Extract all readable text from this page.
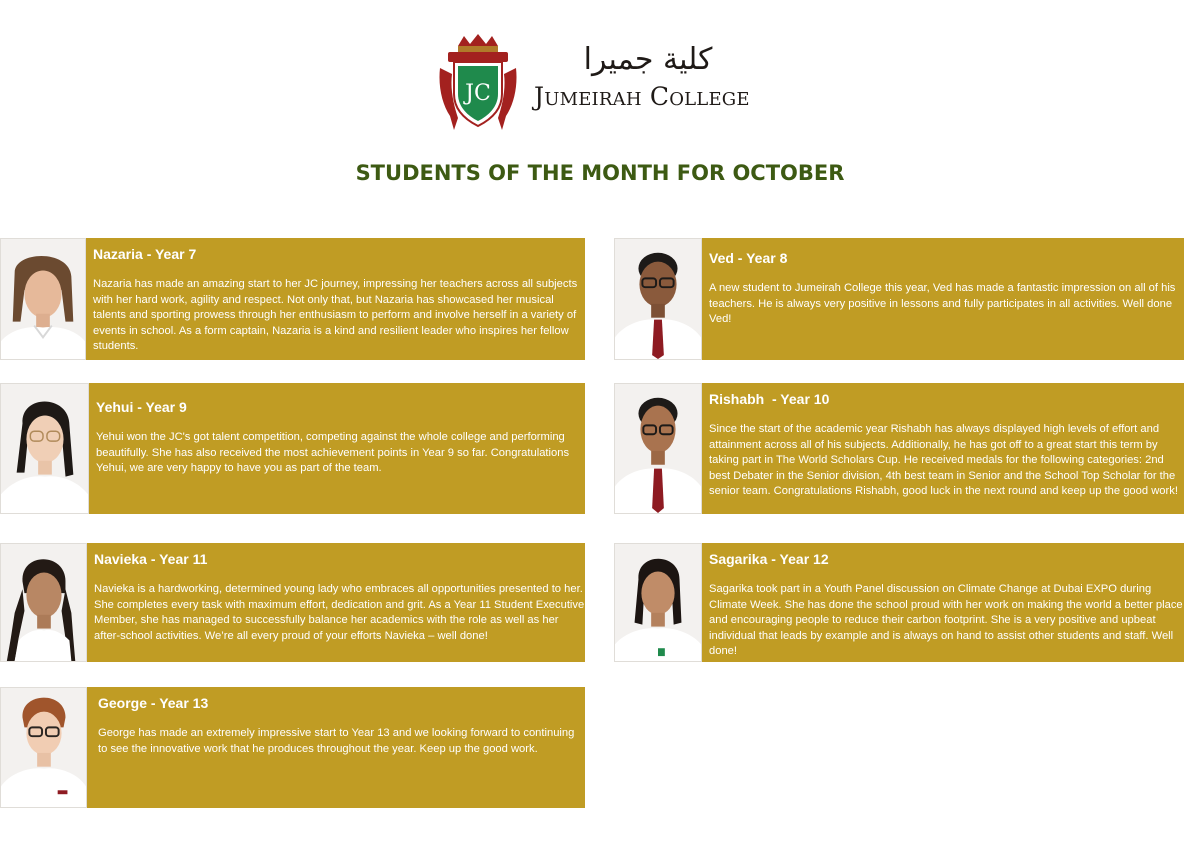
JC
كلية جميرا
Jumeirah College
STUDENTS OF THE MONTH FOR OCTOBER

Nazaria - Year 7

Nazaria has made an amazing start to her JC journey, impressing her teachers across all subjects with her hard work, agility and respect. Not only that, but Nazaria has showcased her musical talents and sporting prowess through her enthusiasm to perform and involve herself in a variety of events in school. As a form captain, Nazaria is a kind and resilient leader who inspires her fellow students.

Ved - Year 8

A new student to Jumeirah College this year, Ved has made a fantastic impression on all of his teachers. He is always very positive in lessons and fully participates in all activities. Well done Ved!

Yehui - Year 9

Yehui won the JC's got talent competition, competing against the whole college and performing beautifully. She has also received the most achievement points in Year 9 so far. Congratulations Yehui, we are very happy to have you as part of the team.

Rishabh  - Year 10

Since the start of the academic year Rishabh has always displayed high levels of effort and attainment across all of his subjects. Additionally, he has got off to a great start this term by taking part in The World Scholars Cup. He received medals for the following categories: 2nd best Debater in the Senior division, 4th best team in Senior and the School Top Scholar for the senior team. Congratulations Rishabh, good luck in the next round and keep up the good work!

Navieka - Year 11

Navieka is a hardworking, determined young lady who embraces all opportunities presented to her. She completes every task with maximum effort, dedication and grit. As a Year 11 Student Executive Member, she has managed to successfully balance her academics with the role as well as her after-school activities. We’re all every proud of your efforts Navieka – well done!

Sagarika - Year 12

Sagarika took part in a Youth Panel discussion on Climate Change at Dubai EXPO during Climate Week. She has done the school proud with her work on making the world a better place and encouraging people to reduce their carbon footprint. She is a very positive and upbeat individual that leads by example and is always on hand to assist other students and staff. Well done!

George - Year 13

George has made an extremely impressive start to Year 13 and we looking forward to continuing to see the innovative work that he produces throughout the year. Keep up the good work.
